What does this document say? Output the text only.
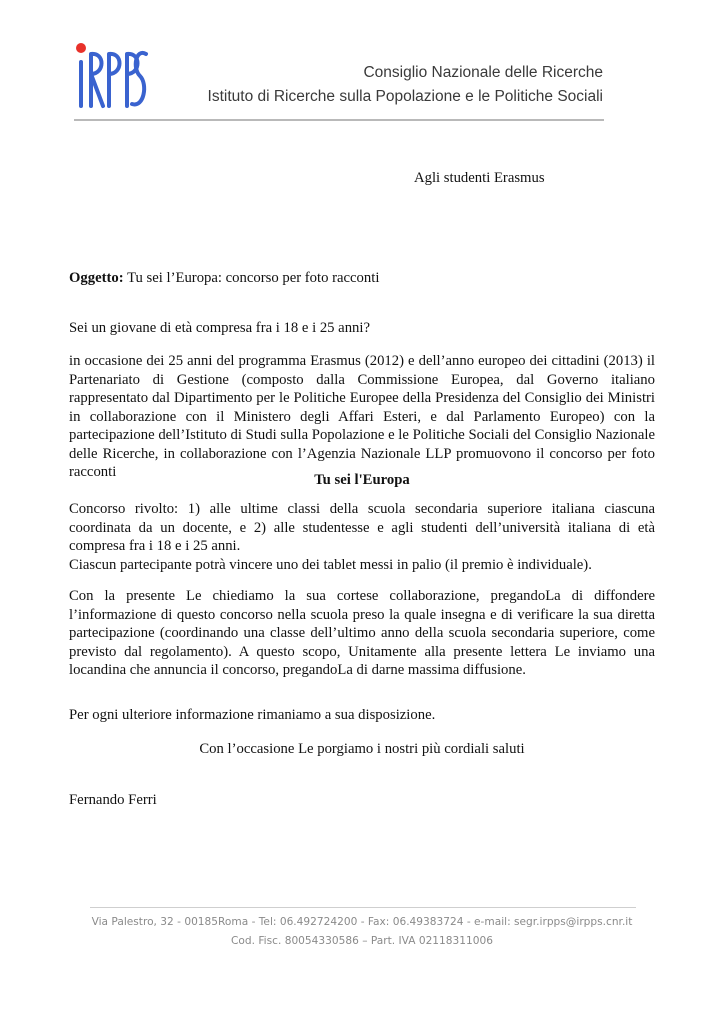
Consiglio Nazionale delle Ricerche
Istituto di Ricerche sulla Popolazione e le Politiche Sociali
Agli studenti Erasmus
Oggetto: Tu sei l’Europa: concorso per foto racconti
Sei un giovane di età compresa fra i 18 e i 25 anni?
in occasione dei 25 anni del programma Erasmus (2012) e dell’anno europeo dei cittadini (2013) il Partenariato di Gestione (composto dalla Commissione Europea, dal Governo italiano rappresentato dal Dipartimento per le Politiche Europee della Presidenza del Consiglio dei Ministri in collaborazione con il Ministero degli Affari Esteri, e dal Parlamento Europeo) con la partecipazione dell’Istituto di Studi sulla Popolazione e le Politiche Sociali del Consiglio Nazionale delle Ricerche, in collaborazione con l’Agenzia Nazionale LLP promuovono il concorso per foto racconti	Tu sei l'Europa
Concorso rivolto: 1) alle ultime classi della scuola secondaria superiore italiana ciascuna coordinata da un docente, e 2) alle studentesse e agli studenti dell’università italiana di età compresa fra i 18 e i 25 anni.
Ciascun partecipante potrà vincere uno dei tablet messi in palio (il premio è individuale).
Con la presente Le chiediamo la sua cortese collaborazione, pregandoLa di diffondere l’informazione di questo concorso nella scuola preso la quale insegna e di verificare la sua diretta partecipazione (coordinando una classe dell’ultimo anno della scuola secondaria superiore, come previsto dal regolamento). A questo scopo, Unitamente alla presente lettera Le inviamo una locandina che annuncia il concorso, pregandoLa di darne massima diffusione.
Per ogni ulteriore informazione rimaniamo a sua disposizione.
Con l’occasione Le porgiamo i nostri più cordiali saluti
Fernando Ferri
Via Palestro, 32 - 00185Roma - Tel: 06.492724200 - Fax: 06.49383724 - e-mail: segr.irpps@irpps.cnr.it
Cod. Fisc. 80054330586 – Part. IVA 02118311006
